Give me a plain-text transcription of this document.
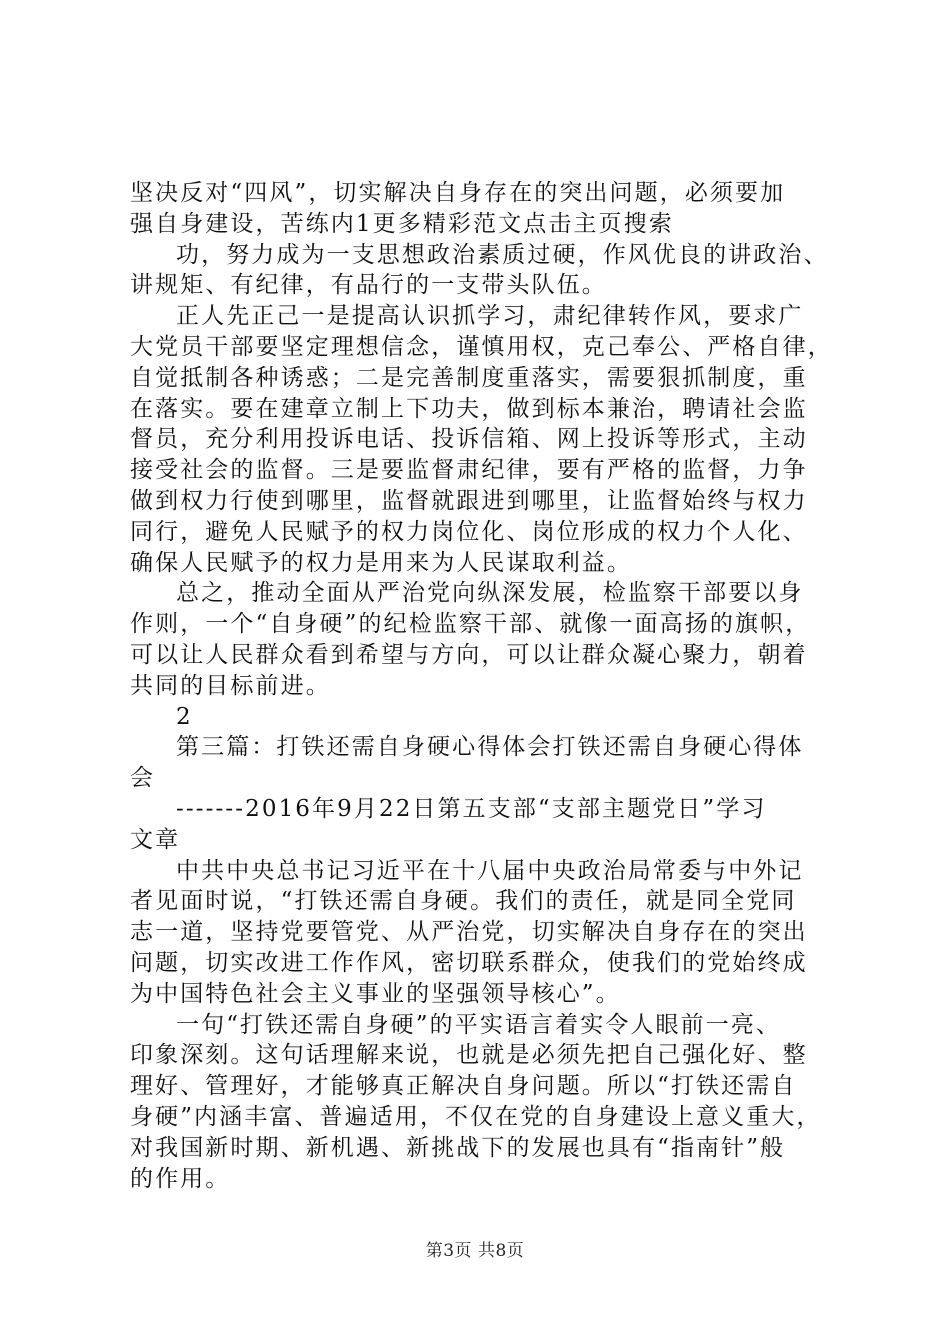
坚决反对“四风”，切实解决自身存在的突出问题，必须要加
强自身建设，苦练内1更多精彩范文点击主页搜索
功，努力成为一支思想政治素质过硬，作风优良的讲政治、
讲规矩、有纪律，有品行的一支带头队伍。
正人先正己一是提高认识抓学习，肃纪律转作风，要求广
大党员干部要坚定理想信念，谨慎用权，克己奉公、严格自律，
自觉抵制各种诱惑；二是完善制度重落实，需要狠抓制度，重
在落实。要在建章立制上下功夫，做到标本兼治，聘请社会监
督员，充分利用投诉电话、投诉信箱、网上投诉等形式，主动
接受社会的监督。三是要监督肃纪律，要有严格的监督，力争
做到权力行使到哪里，监督就跟进到哪里，让监督始终与权力
同行，避免人民赋予的权力岗位化、岗位形成的权力个人化、
确保人民赋予的权力是用来为人民谋取利益。
总之，推动全面从严治党向纵深发展，检监察干部要以身
作则，一个“自身硬”的纪检监察干部、就像一面高扬的旗帜，
可以让人民群众看到希望与方向，可以让群众凝心聚力，朝着
共同的目标前进。
2
第三篇：打铁还需自身硬心得体会打铁还需自身硬心得体
会
-------2016年9月22日第五支部“支部主题党日”学习
文章
中共中央总书记习近平在十八届中央政治局常委与中外记
者见面时说，“打铁还需自身硬。我们的责任，就是同全党同
志一道，坚持党要管党、从严治党，切实解决自身存在的突出
问题，切实改进工作作风，密切联系群众，使我们的党始终成
为中国特色社会主义事业的坚强领导核心”。
一句“打铁还需自身硬”的平实语言着实令人眼前一亮、
印象深刻。这句话理解来说，也就是必须先把自己强化好、整
理好、管理好，才能够真正解决自身问题。所以“打铁还需自
身硬”内涵丰富、普遍适用，不仅在党的自身建设上意义重大，
对我国新时期、新机遇、新挑战下的发展也具有“指南针”般
的作用。
第3页 共8页
